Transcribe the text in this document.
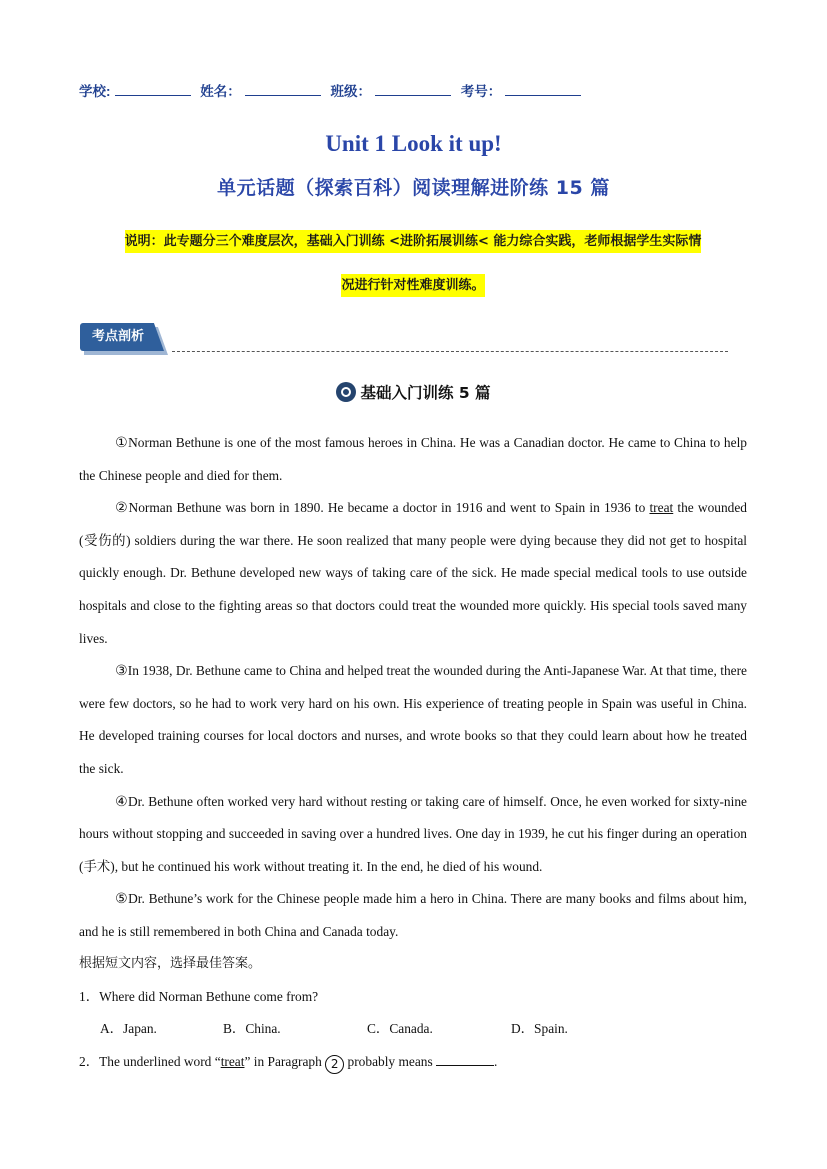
学校:	姓名：	班级：	考号：
Unit 1 Look it up!
单元话题（探索百科）阅读理解进阶练 15 篇
说明：此专题分三个难度层次，基础入门训练 <进阶拓展训练< 能力综合实践，老师根据学生实际情
况进行针对性难度训练。
考点剖析
基础入门训练 5 篇

①Norman Bethune is one of the most famous heroes in China. He was a Canadian doctor. He came to China to help the Chinese people and died for them.

②Norman Bethune was born in 1890. He became a doctor in 1916 and went to Spain in 1936 to treat the wounded (受伤的) soldiers during the war there. He soon realized that many people were dying because they did not get to hospital quickly enough. Dr. Bethune developed new ways of taking care of the sick. He made special medical tools to use outside hospitals and close to the fighting areas so that doctors could treat the wounded more quickly. His special tools saved many lives.

③In 1938, Dr. Bethune came to China and helped treat the wounded during the Anti-Japanese War. At that time, there were few doctors, so he had to work very hard on his own. His experience of treating people in Spain was useful in China. He developed training courses for local doctors and nurses, and wrote books so that they could learn about how he treated the sick.

④Dr. Bethune often worked very hard without resting or taking care of himself. Once, he even worked for sixty-nine hours without stopping and succeeded in saving over a hundred lives. One day in 1939, he cut his finger during an operation (手术), but he continued his work without treating it. In the end, he died of his wound.

⑤Dr. Bethune’s work for the Chinese people made him a hero in China. There are many books and films about him, and he is still remembered in both China and Canada today.

根据短文内容，选择最佳答案。

1．Where did Norman Bethune come from?

A．Japan.	B．China.	C．Canada.	D．Spain.

2．The underlined word “treat” in Paragraph 2 probably means	.
